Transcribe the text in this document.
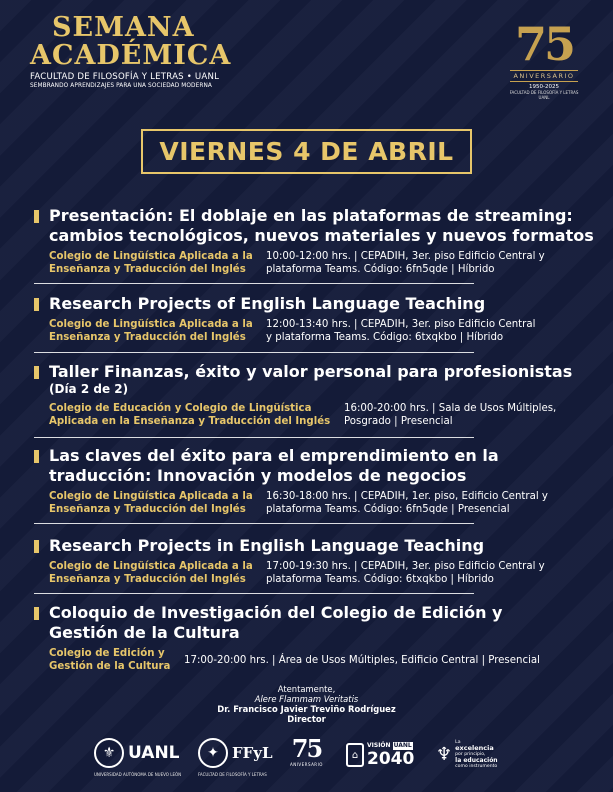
SEMANA
ACADÉMICA
FACULTAD DE FILOSOFÍA Y LETRAS • UANL
SEMBRANDO APRENDIZAJES PARA UNA SOCIEDAD MODERNA
75
ANIVERSARIO
1950-2025
FACULTAD DE FILOSOFÍA Y LETRAS
UANL
VIERNES 4 DE ABRIL
Presentación: El doblaje en las plataformas de streaming:
cambios tecnológicos, nuevos materiales y nuevos formatos
Colegio de Lingüística Aplicada a la
Enseñanza y Traducción del Inglés
10:00-12:00 hrs. | CEPADIH, 3er. piso Edificio Central y
plataforma Teams. Código: 6fn5qde | Híbrido
Research Projects of English Language Teaching
Colegio de Lingüística Aplicada a la
Enseñanza y Traducción del Inglés
12:00-13:40 hrs. | CEPADIH, 3er. piso Edificio Central
y plataforma Teams. Código: 6txqkbo | Híbrido
Taller Finanzas, éxito y valor personal para profesionistas
(Día 2 de 2)
Colegio de Educación y Colegio de Lingüística
Aplicada en la Enseñanza y Traducción del Inglés
16:00-20:00 hrs. | Sala de Usos Múltiples,
Posgrado | Presencial
Las claves del éxito para el emprendimiento en la
traducción: Innovación y modelos de negocios
Colegio de Lingüística Aplicada a la
Enseñanza y Traducción del Inglés
16:30-18:00 hrs. | CEPADIH, 1er. piso, Edificio Central y
plataforma Teams. Código: 6fn5qde | Presencial
Research Projects in English Language Teaching
Colegio de Lingüística Aplicada a la
Enseñanza y Traducción del Inglés
17:00-19:30 hrs. | CEPADIH, 3er. piso Edificio Central y
plataforma Teams. Código: 6txqkbo | Híbrido
Coloquio de Investigación del Colegio de Edición y
Gestión de la Cultura
Colegio de Edición y
Gestión de la Cultura
17:00-20:00 hrs. | Área de Usos Múltiples, Edificio Central | Presencial
Atentamente,
Alere Flammam Veritatis
Dr. Francisco Javier Treviño Rodríguez
Director
⚜ UANL
UNIVERSIDAD AUTÓNOMA DE NUEVO LEÓN
✦ FFyL
FACULTAD DE FILOSOFÍA Y LETRAS
75
ANIVERSARIO
⌂
VISIÓN UANL
2040 ♆
La
excelencia
por principio,
la educación
como instrumento
